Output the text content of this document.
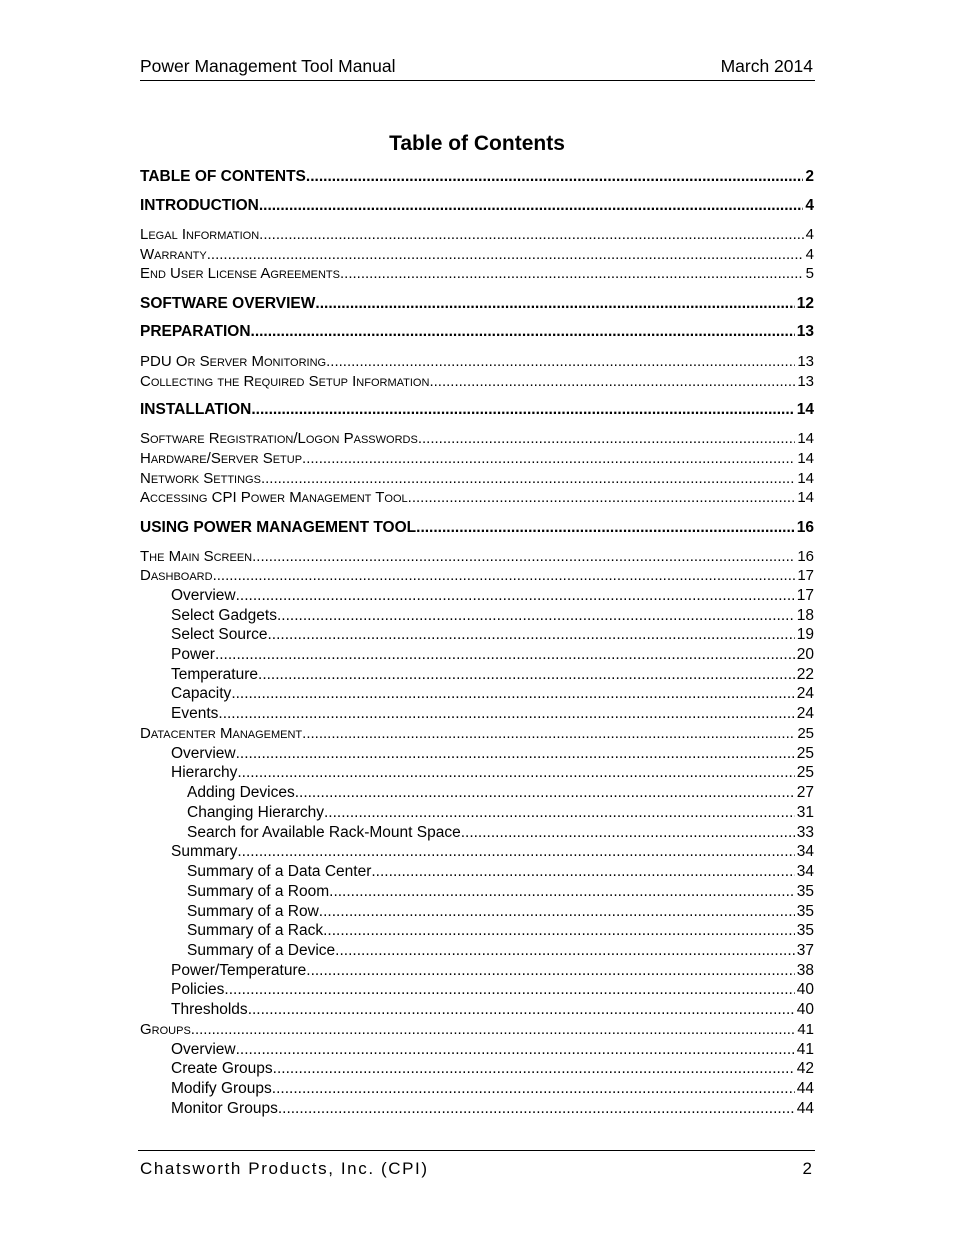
Power Management Tool Manual	March 2014
Table of Contents
TABLE OF CONTENTS .....	2
INTRODUCTION .....	4
Legal Information .....	4
Warranty .....	4
End User License Agreements .....	5
SOFTWARE OVERVIEW .....	12
PREPARATION .....	13
PDU Or Server Monitoring .....	13
Collecting the Required Setup Information .....	13
INSTALLATION .....	14
Software Registration/Logon Passwords .....	14
Hardware/Server Setup .....	14
Network Settings .....	14
Accessing CPI Power Management Tool .....	14
USING POWER MANAGEMENT TOOL .....	16
The Main Screen .....	16
Dashboard .....	17
Overview .....	17
Select Gadgets .....	18
Select Source .....	19
Power .....	20
Temperature .....	22
Capacity .....	24
Events .....	24
Datacenter Management .....	25
Overview .....	25
Hierarchy .....	25
Adding Devices .....	27
Changing Hierarchy .....	31
Search for Available Rack-Mount Space .....	33
Summary .....	34
Summary of a Data Center .....	34
Summary of a Room .....	35
Summary of a Row .....	35
Summary of a Rack .....	35
Summary of a Device .....	37
Power/Temperature .....	38
Policies .....	40
Thresholds .....	40
Groups .....	41
Overview .....	41
Create Groups .....	42
Modify Groups .....	44
Monitor Groups .....	44
Chatsworth Products, Inc. (CPI)	2
